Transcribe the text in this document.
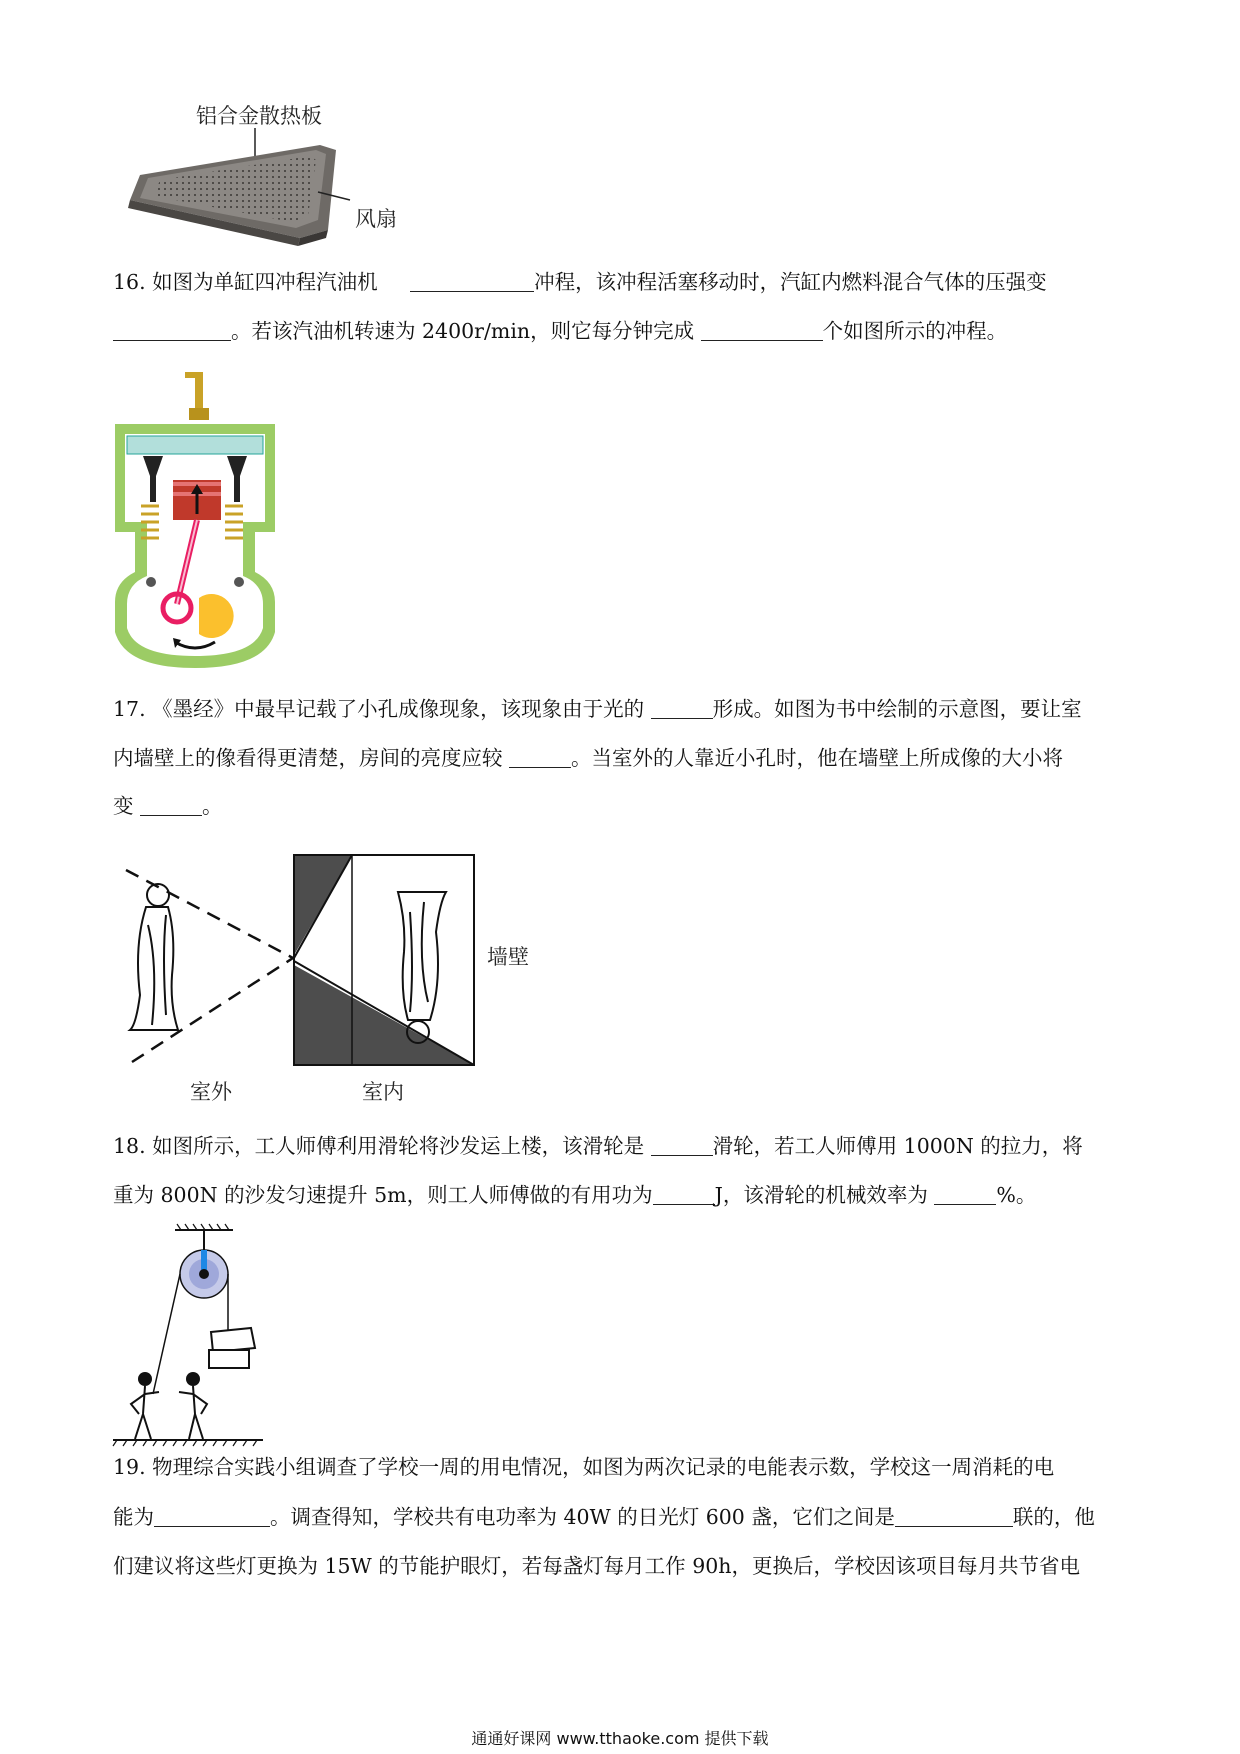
铝合金散热板
风扇
16. 如图为单缸四冲程汽油机	冲程，该冲程活塞移动时，汽缸内燃料混合气体的压强变
。若该汽油机转速为 2400r/min，则它每分钟完成	个如图所示的冲程。
17. 《墨经》中最早记载了小孔成像现象，该现象由于光的	形成。如图为书中绘制的示意图，要让室
内墙壁上的像看得更清楚，房间的亮度应较	。当室外的人靠近小孔时，他在墙壁上所成像的大小将
变	。
墙壁
室外	室内
18. 如图所示，工人师傅利用滑轮将沙发运上楼，该滑轮是	滑轮，若工人师傅用 1000N 的拉力，将
重为 800N 的沙发匀速提升 5m，则工人师傅做的有用功为	J，该滑轮的机械效率为	%。
19. 物理综合实践小组调查了学校一周的用电情况，如图为两次记录的电能表示数，学校这一周消耗的电
能为	。调查得知，学校共有电功率为 40W 的日光灯 600 盏，它们之间是	联的，他
们建议将这些灯更换为 15W 的节能护眼灯，若每盏灯每月工作 90h，更换后，学校因该项目每月共节省电
通通好课网 www.tthaoke.com 提供下载
